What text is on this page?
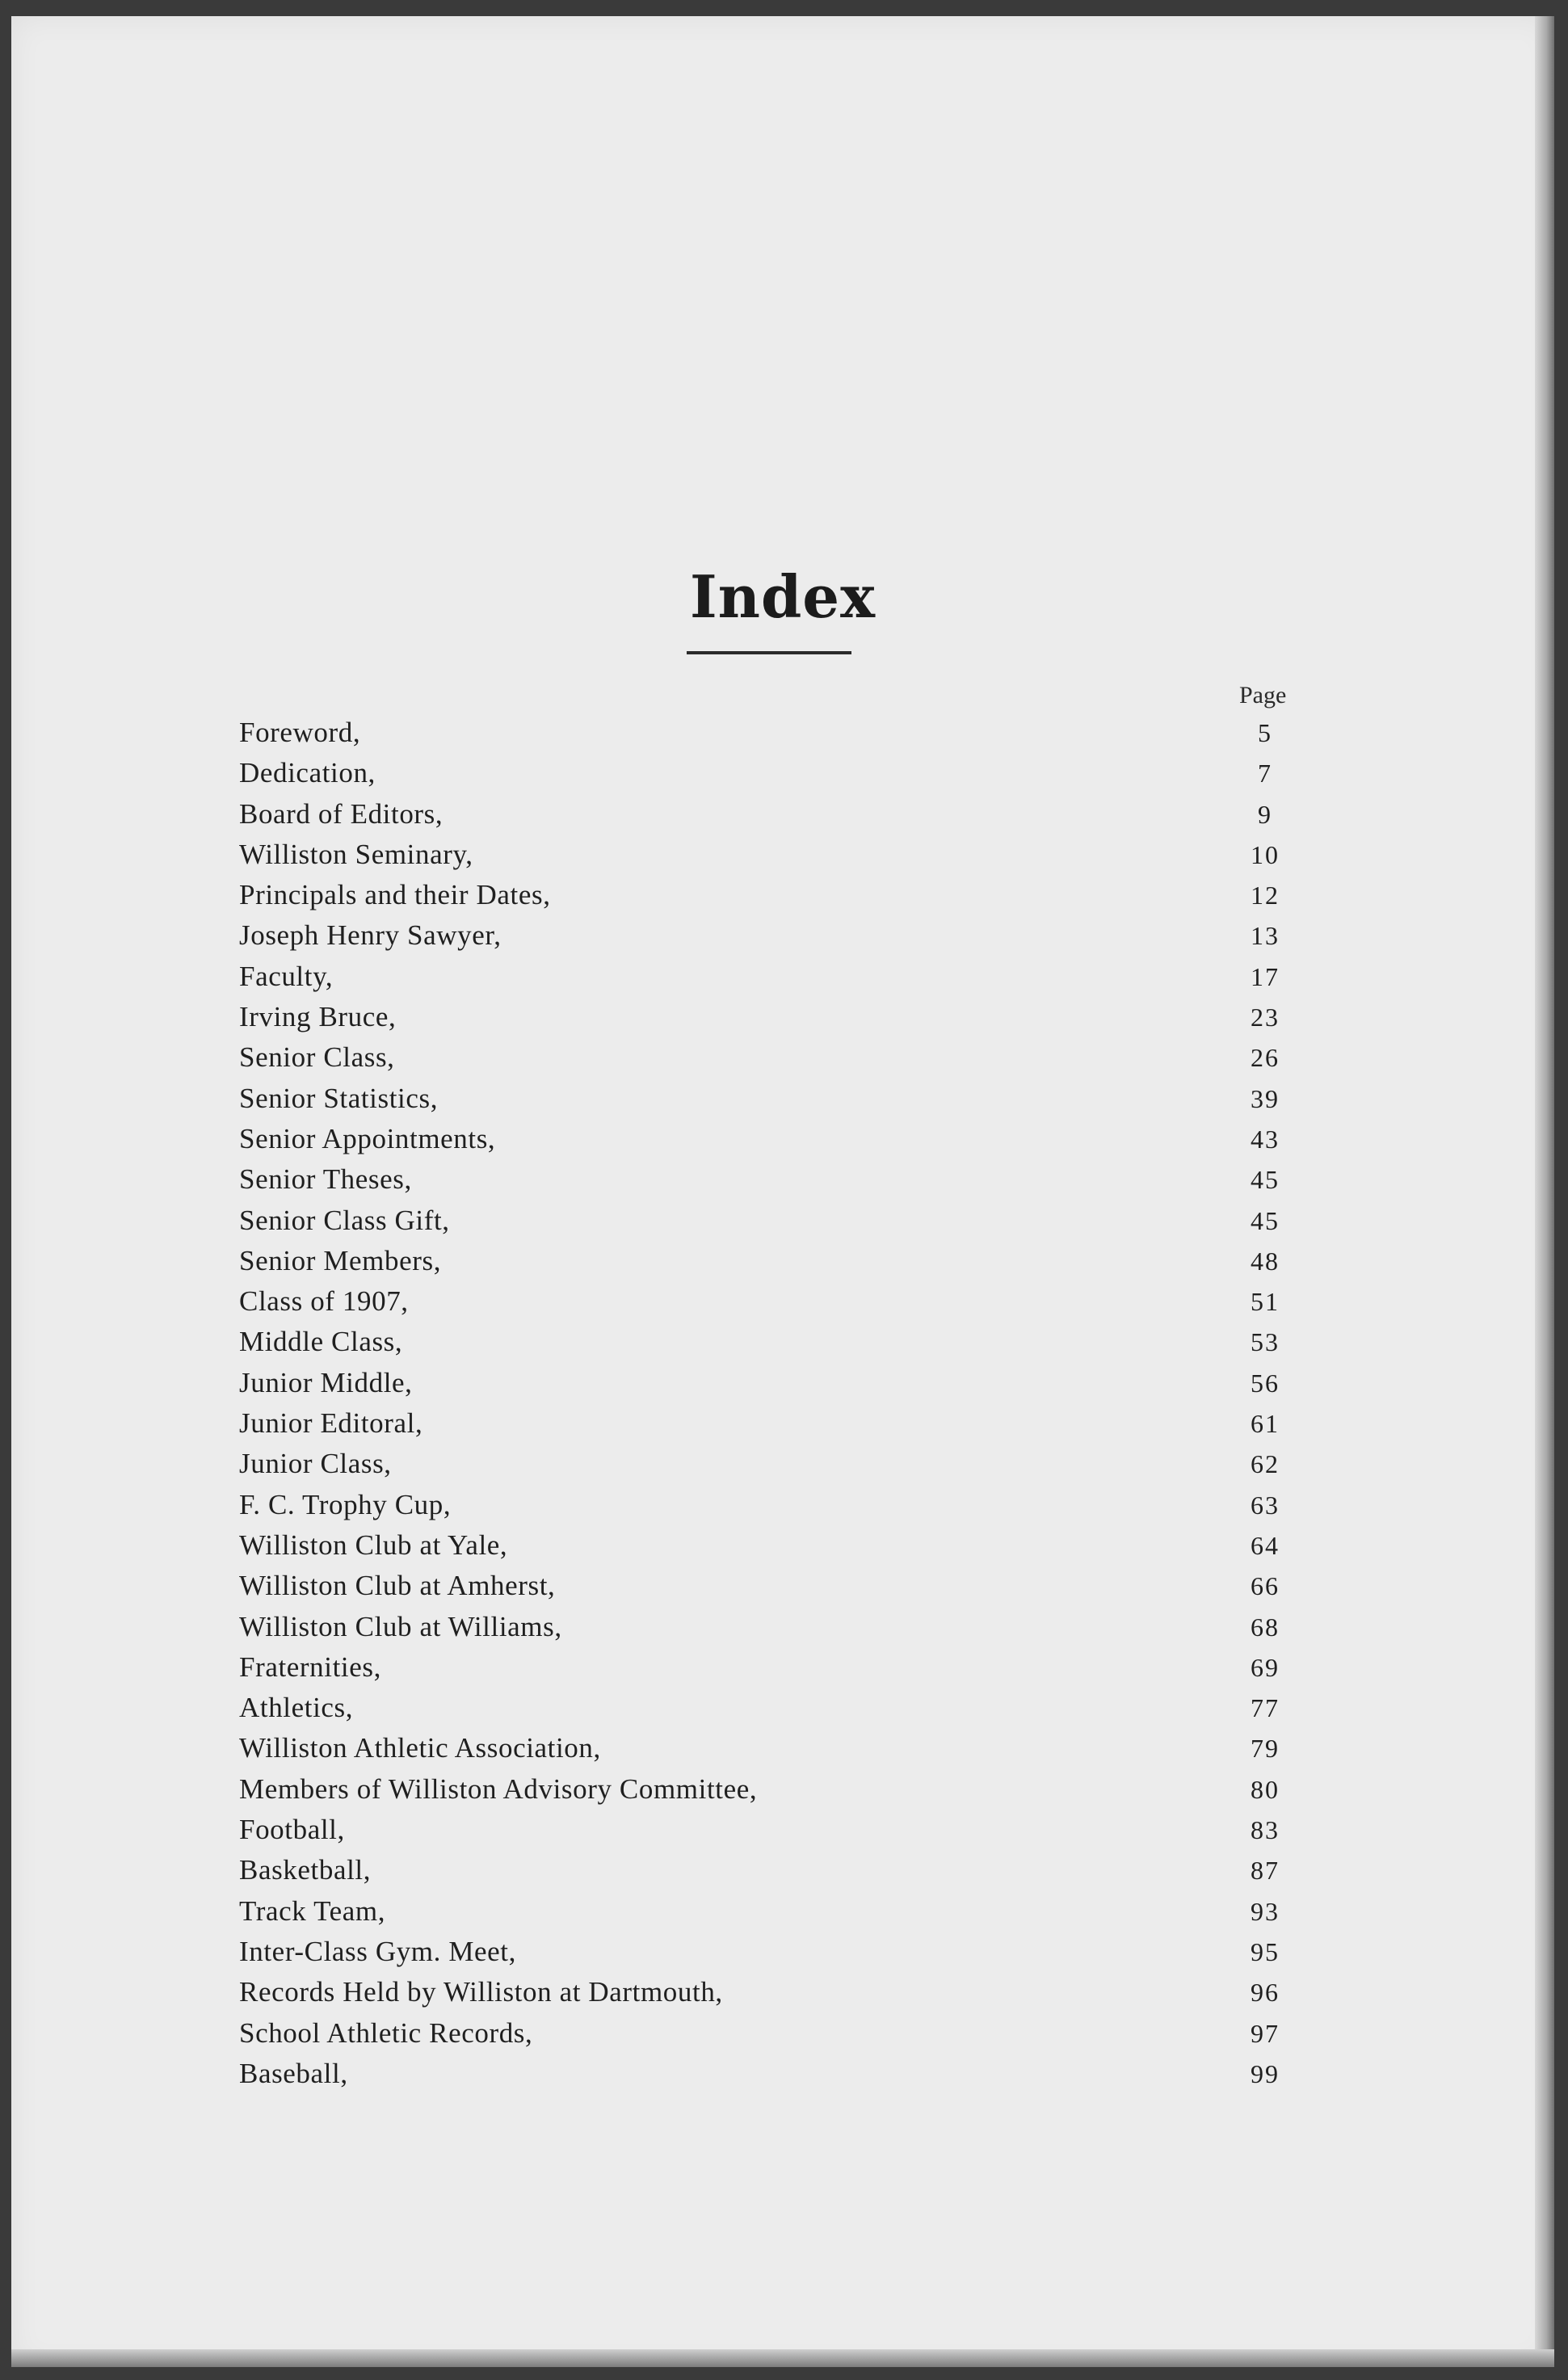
Index
Page
Foreword,	5
Dedication,	7
Board of Editors,	9
Williston Seminary,	10
Principals and their Dates,	12
Joseph Henry Sawyer,	13
Faculty,	17
Irving Bruce,	23
Senior Class,	26
Senior Statistics,	39
Senior Appointments,	43
Senior Theses,	45
Senior Class Gift,	45
Senior Members,	48
Class of 1907,	51
Middle Class,	53
Junior Middle,	56
Junior Editoral,	61
Junior Class,	62
F. C. Trophy Cup,	63
Williston Club at Yale,	64
Williston Club at Amherst,	66
Williston Club at Williams,	68
Fraternities,	69
Athletics,	77
Williston Athletic Association,	79
Members of Williston Advisory Committee,	80
Football,	83
Basketball,	87
Track Team,	93
Inter-Class Gym. Meet,	95
Records Held by Williston at Dartmouth,	96
School Athletic Records,	97
Baseball,	99
